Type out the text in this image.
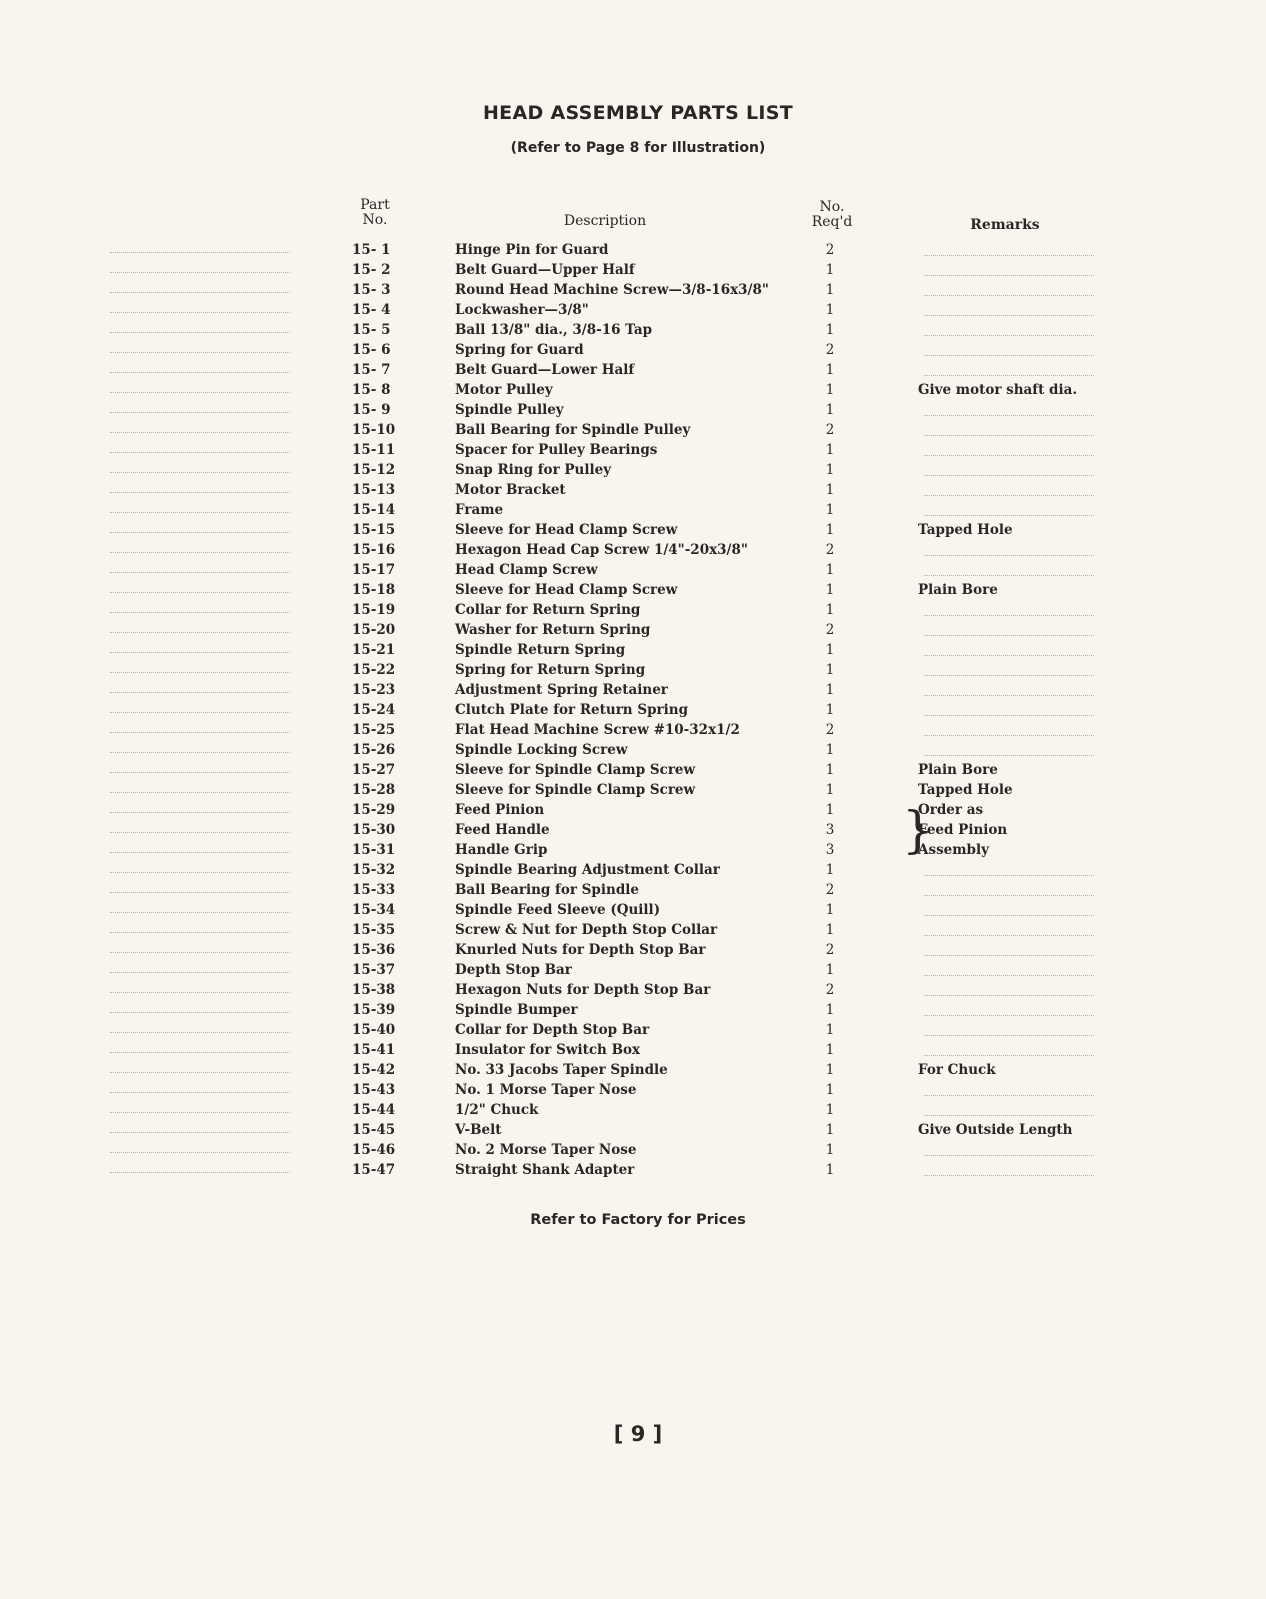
HEAD ASSEMBLY PARTS LIST
(Refer to Page 8 for Illustration)
Part
No.	Description
No.
Req'd	Remarks
15- 1	Hinge Pin for Guard	2
15- 2	Belt Guard—Upper Half	1
15- 3	Round Head Machine Screw—3/8-16x3/8"	1
15- 4	Lockwasher—3/8"	1
15- 5	Ball 13/8" dia., 3/8-16 Tap	1
15- 6	Spring for Guard	2
15- 7	Belt Guard—Lower Half	1
15- 8	Motor Pulley	1	Give motor shaft dia.
15- 9	Spindle Pulley	1
15-10	Ball Bearing for Spindle Pulley	2
15-11	Spacer for Pulley Bearings	1
15-12	Snap Ring for Pulley	1
15-13	Motor Bracket	1
15-14	Frame	1
15-15	Sleeve for Head Clamp Screw	1	Tapped Hole
15-16	Hexagon Head Cap Screw 1/4"-20x3/8"	2
15-17	Head Clamp Screw	1
15-18	Sleeve for Head Clamp Screw	1	Plain Bore
15-19	Collar for Return Spring	1
15-20	Washer for Return Spring	2
15-21	Spindle Return Spring	1
15-22	Spring for Return Spring	1
15-23	Adjustment Spring Retainer	1
15-24	Clutch Plate for Return Spring	1
15-25	Flat Head Machine Screw #10-32x1/2	2
15-26	Spindle Locking Screw	1
15-27	Sleeve for Spindle Clamp Screw	1	Plain Bore
15-28	Sleeve for Spindle Clamp Screw	1	Tapped Hole
15-29	Feed Pinion	1	Order as
15-30	Feed Handle	3	Feed Pinion
15-31	Handle Grip	3	Assembly
15-32	Spindle Bearing Adjustment Collar	1
15-33	Ball Bearing for Spindle	2
15-34	Spindle Feed Sleeve (Quill)	1
15-35	Screw & Nut for Depth Stop Collar	1
15-36	Knurled Nuts for Depth Stop Bar	2
15-37	Depth Stop Bar	1
15-38	Hexagon Nuts for Depth Stop Bar	2
15-39	Spindle Bumper	1
15-40	Collar for Depth Stop Bar	1
15-41	Insulator for Switch Box	1
15-42	No. 33 Jacobs Taper Spindle	1	For Chuck
15-43	No. 1 Morse Taper Nose	1
15-44	1/2" Chuck	1
15-45	V-Belt	1	Give Outside Length
15-46	No. 2 Morse Taper Nose	1
15-47	Straight Shank Adapter	1
}
Refer to Factory for Prices
[ 9 ]
